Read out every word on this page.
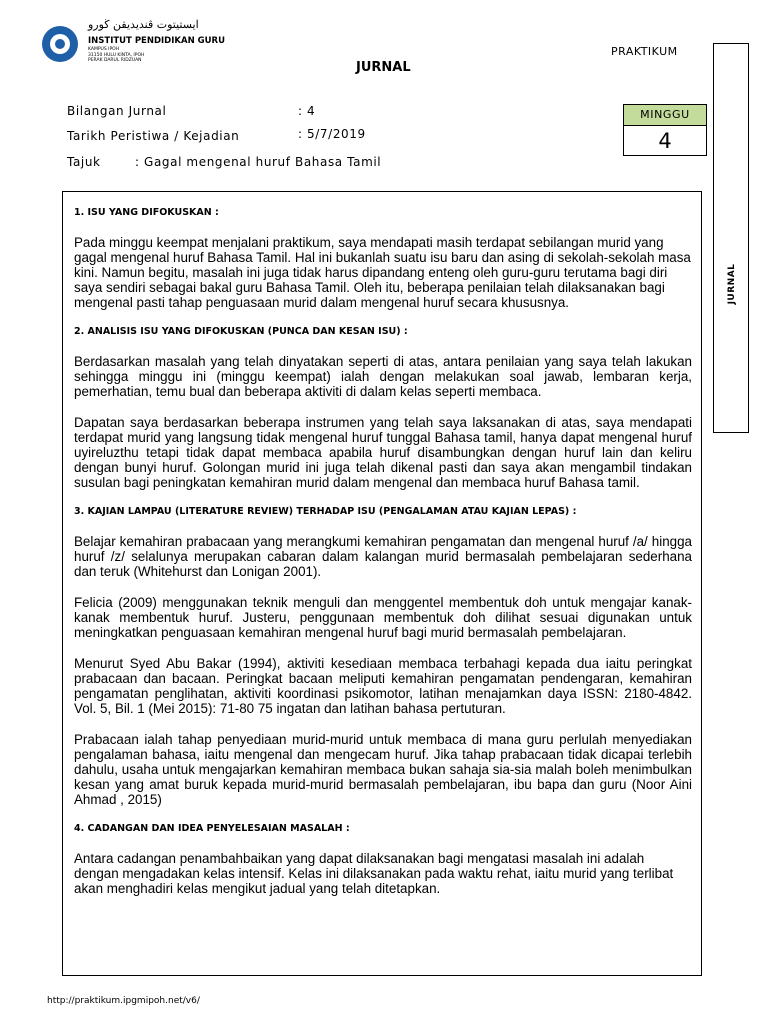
ايستيتوت ڤنديديقن ڬورو
INSTITUT PENDIDIKAN GURU
KAMPUS IPOH
31150 HULU KINTA, IPOH
PERAK DARUL RIDZUAN
PRAKTIKUM
JURNAL
Bilangan Jurnal	: 4
Tarikh Peristiwa / Kejadian	: 5/7/2019
Tajuk	: Gagal mengenal huruf Bahasa Tamil
MINGGU
4
JURNAL
1. ISU YANG DIFOKUSKAN :

Pada minggu keempat menjalani praktikum, saya mendapati masih terdapat sebilangan murid yang gagal mengenal huruf Bahasa Tamil. Hal ini bukanlah suatu isu baru dan asing di sekolah-sekolah masa kini. Namun begitu, masalah ini juga tidak harus dipandang enteng oleh guru-guru terutama bagi diri saya sendiri sebagai bakal guru Bahasa Tamil. Oleh itu, beberapa penilaian telah dilaksanakan bagi mengenal pasti tahap penguasaan murid dalam mengenal huruf secara khususnya.

2. ANALISIS ISU YANG DIFOKUSKAN (PUNCA DAN KESAN ISU) :

Berdasarkan masalah yang telah dinyatakan seperti di atas, antara penilaian yang saya telah lakukan sehingga minggu ini (minggu keempat) ialah dengan melakukan soal jawab, lembaran kerja, pemerhatian, temu bual dan beberapa aktiviti di dalam kelas seperti membaca.

Dapatan saya berdasarkan beberapa instrumen yang telah saya laksanakan di atas, saya mendapati terdapat murid yang langsung tidak mengenal huruf tunggal Bahasa tamil, hanya dapat mengenal huruf uyireluzthu tetapi tidak dapat membaca apabila huruf disambungkan dengan huruf lain dan keliru dengan bunyi huruf. Golongan murid ini juga telah dikenal pasti dan saya akan mengambil tindakan susulan bagi peningkatan kemahiran murid dalam mengenal dan membaca huruf Bahasa tamil.

3. KAJIAN LAMPAU (LITERATURE REVIEW) TERHADAP ISU (PENGALAMAN ATAU KAJIAN LEPAS) :

Belajar kemahiran prabacaan yang merangkumi kemahiran pengamatan dan mengenal huruf /a/ hingga huruf /z/ selalunya merupakan cabaran dalam kalangan murid bermasalah pembelajaran sederhana dan teruk (Whitehurst dan Lonigan 2001).

Felicia (2009) menggunakan teknik menguli dan menggentel membentuk doh untuk mengajar kanak-kanak membentuk huruf. Justeru, penggunaan membentuk doh dilihat sesuai digunakan untuk meningkatkan penguasaan kemahiran mengenal huruf bagi murid bermasalah pembelajaran.

Menurut Syed Abu Bakar (1994), aktiviti kesediaan membaca terbahagi kepada dua iaitu peringkat prabacaan dan bacaan. Peringkat bacaan meliputi kemahiran pengamatan pendengaran, kemahiran pengamatan penglihatan, aktiviti koordinasi psikomotor, latihan menajamkan daya ISSN: 2180-4842. Vol. 5, Bil. 1 (Mei 2015): 71-80 75 ingatan dan latihan bahasa pertuturan.

Prabacaan ialah tahap penyediaan murid-murid untuk membaca di mana guru perlulah menyediakan pengalaman bahasa, iaitu mengenal dan mengecam huruf. Jika tahap prabacaan tidak dicapai terlebih dahulu, usaha untuk mengajarkan kemahiran membaca bukan sahaja sia-sia malah boleh menimbulkan kesan yang amat buruk kepada murid-murid bermasalah pembelajaran, ibu bapa dan guru (Noor Aini Ahmad , 2015)

4. CADANGAN DAN IDEA PENYELESAIAN MASALAH :

Antara cadangan penambahbaikan yang dapat dilaksanakan bagi mengatasi masalah ini adalah dengan mengadakan kelas intensif. Kelas ini dilaksanakan pada waktu rehat, iaitu murid yang terlibat akan menghadiri kelas mengikut jadual yang telah ditetapkan.

http://praktikum.ipgmipoh.net/v6/
